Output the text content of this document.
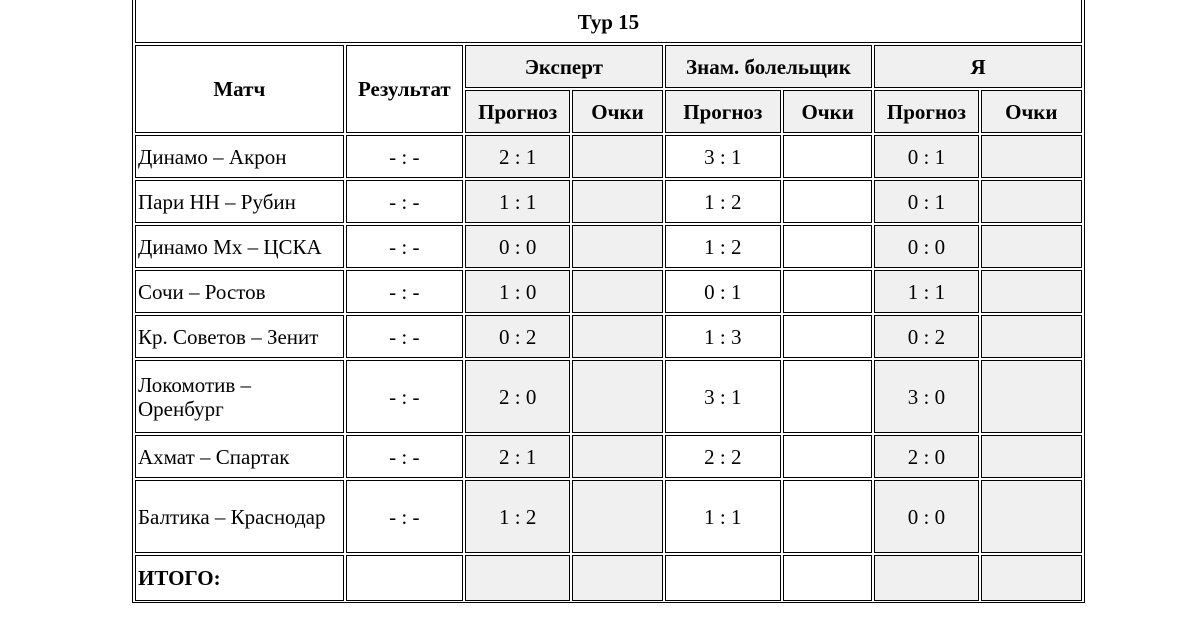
Тур 15							
Матч	Результат	Эксперт		Знам. болельщик		Я	
		Прогноз	Очки	Прогноз	Очки	Прогноз	Очки
Динамо – Акрон	- : -	2 : 1		3 : 1		0 : 1	
Пари НН – Рубин	- : -	1 : 1		1 : 2		0 : 1	
Динамо Мх – ЦСКА	- : -	0 : 0		1 : 2		0 : 0	
Сочи – Ростов	- : -	1 : 0		0 : 1		1 : 1	
Кр. Советов – Зенит	- : -	0 : 2		1 : 3		0 : 2	
Локомотив – Оренбург	- : -	2 : 0		3 : 1		3 : 0	
Ахмат – Спартак	- : -	2 : 1		2 : 2		2 : 0	
Балтика – Краснодар	- : -	1 : 2		1 : 1		0 : 0	
ИТОГО:							
